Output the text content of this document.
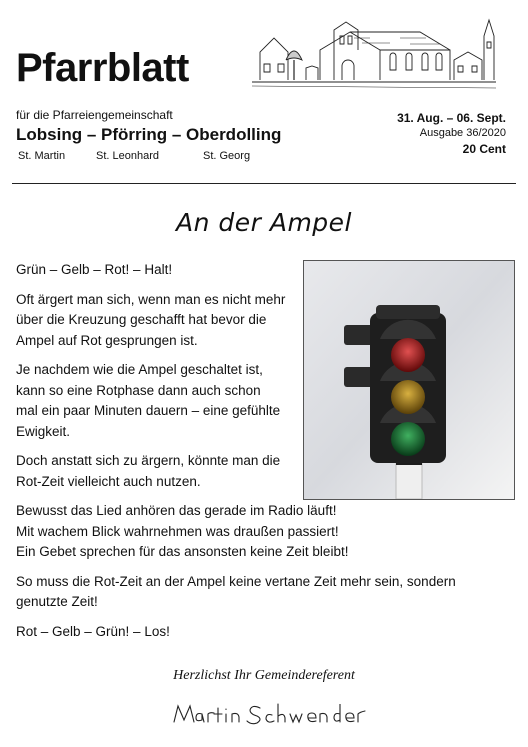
Pfarrblatt
für die Pfarreiengemeinschaft
Lobsing – Pförring – Oberdolling
St. Martin	St. Leonhard	St. Georg
31. Aug. – 06. Sept.
Ausgabe 36/2020
20 Cent
An der Ampel

Grün – Gelb – Rot! – Halt!

Oft ärgert man sich, wenn man es nicht mehr über die Kreuzung geschafft hat bevor die Ampel auf Rot gesprungen ist.

Je nachdem wie die Ampel geschaltet ist, kann so eine Rotphase dann auch schon mal ein paar Minuten dauern – eine gefühlte Ewigkeit.

Doch anstatt sich zu ärgern, könnte man die Rot-Zeit vielleicht auch nutzen.

Bewusst das Lied anhören das gerade im Radio läuft!
Mit wachem Blick wahrnehmen was draußen passiert!
Ein Gebet sprechen für das ansonsten keine Zeit bleibt!

So muss die Rot-Zeit an der Ampel keine vertane Zeit mehr sein, sondern genutzte Zeit!

Rot – Gelb – Grün! – Los!

Herzlichst Ihr Gemeindereferent
